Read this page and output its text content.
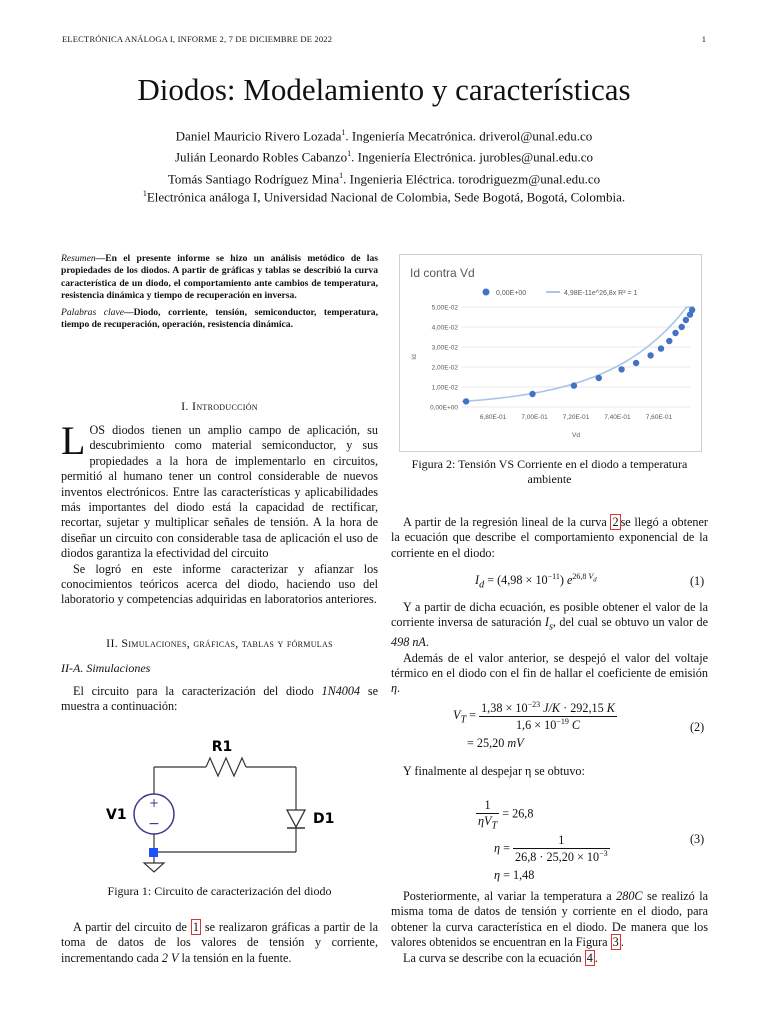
ELECTRÓNICA ANÁLOGA I, INFORME 2, 7 DE DICIEMBRE DE 2022	1
Diodos: Modelamiento y características
Daniel Mauricio Rivero Lozada$^1$. Ingeniería Mecatrónica. driverol@unal.edu.co
Julián Leonardo Robles Cabanzo$^1$. Ingeniería Electrónica. jurobles@unal.edu.co
Tomás Santiago Rodríguez Mina$^1$. Ingenieria Eléctrica. torodriguezm@unal.edu.co
$^1$Electrónica análoga I, Universidad Nacional de Colombia, Sede Bogotá, Bogotá, Colombia.
Resumen—En el presente informe se hizo un análisis metódico de las propiedades de los diodos. A partir de gráficas y tablas se describió la curva característica de un diodo, el comportamiento ante cambios de temperatura, resistencia dinámica y tiempo de recuperación en inversa.
Palabras clave—Diodo, corriente, tensión, semiconductor, temperatura, tiempo de recuperación, operación, resistencia dinámica.
I. Introducción

LOS diodos tienen un amplio campo de aplicación, su descubrimiento como material semiconductor, y sus propiedades a la hora de implementarlo en circuitos, permitió al humano tener un control considerable de nuevos inventos electrónicos. Entre las características y aplicabilidades más importantes del diodo está la capacidad de rectificar, recortar, sujetar y multiplicar señales de tensión. A la hora de diseñar un circuito con considerable tasa de aplicación el uso de diodos garantiza la efectividad del circuito

Se logró en este informe caracterizar y afianzar los conocimientos teóricos acerca del diodo, haciendo uso del laboratorio y competencias adquiridas en laboratorios anteriores.

II. Simulaciones, gráficas, tablas y fórmulas
II-A. Simulaciones

El circuito para la caracterización del diodo 1N4004 se muestra a continuación:

+
−
R1
V1	D1
Figura 1: Circuito de caracterización del diodo

A partir del circuito de 1 se realizaron gráficas a partir de la toma de datos de los valores de tensión y corriente, incrementando cada 2 V la tensión en la fuente.

Id contra Vd
0,00E+00	4,98E-11e^26,8x R² = 1
0,00E+00
1,00E-02
2,00E-02
3,00E-02
4,00E-02
5,00E-02
6,80E-01 7,00E-01 7,20E-01 7,40E-01 7,60E-01
Vd
Id
Figura 2: Tensión VS Corriente en el diodo a temperatura ambiente

A partir de la regresión lineal de la curva 2 se llegó a obtener la ecuación que describe el comportamiento exponencial de la corriente en el diodo:

$I_d = (4,98 \times 10^{-11})$ $e^{26,8 V_d}$	(1)

Y a partir de dicha ecuación, es posible obtener el valor de la corriente inversa de saturación $I_s$, del cual se obtuvo un valor de 498 nA.

Además de el valor anterior, se despejó el valor del voltaje térmico en el diodo con el fin de hallar el coeficiente de emisión η.

$V_T = \frac{1,38 \times 10^{-23} J/K \cdot 292,15 K}{1,6 \times 10^{-19} C}$
= 25,20 mV
(2)

Y finalmente al despejar η se obtuvo:

$\frac{1}{\eta V_T} = 26,8$
$\eta = \frac{1}{26,8 \cdot 25,20 \times 10^{-3}}$
η = 1,48
(3)

Posteriormente, al variar la temperatura a 280C se realizó la misma toma de datos de tensión y corriente en el diodo, para obtener la curva característica en el diodo. De manera que los valores obtenidos se encuentran en la Figura 3 .

La curva se describe con la ecuación 4 .
